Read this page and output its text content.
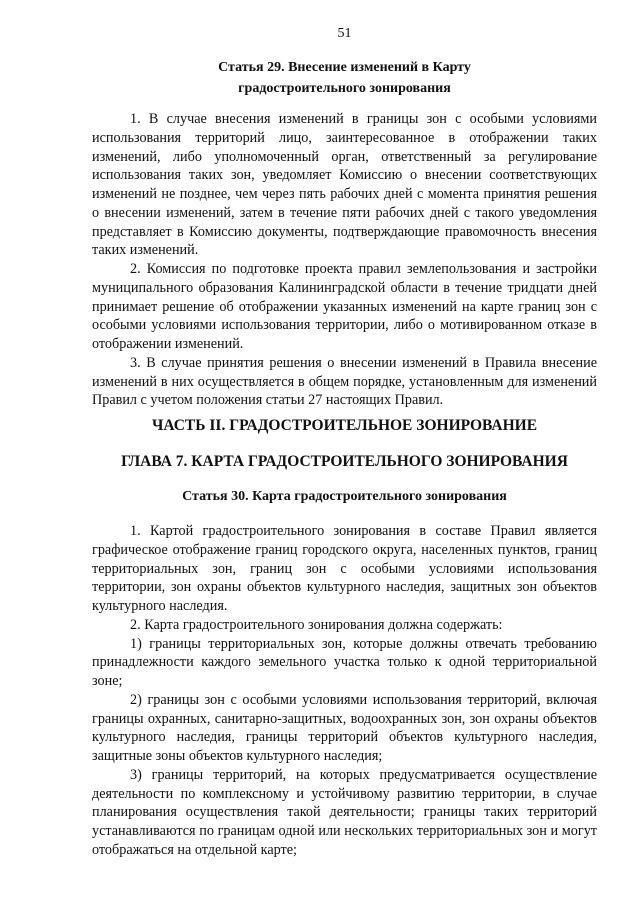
51
Статья 29. Внесение изменений в Карту
градостроительного зонирования

1. В случае внесения изменений в границы зон с особыми условиями использования территорий лицо, заинтересованное в отображении таких изменений, либо уполномоченный орган, ответственный за регулирование использования таких зон, уведомляет Комиссию о внесении соответствующих изменений не позднее, чем через пять рабочих дней с момента принятия решения о внесении изменений, затем в течение пяти рабочих дней с такого уведомления представляет в Комиссию документы, подтверждающие правомочность внесения таких изменений.

2. Комиссия по подготовке проекта правил землепользования и застройки муниципального образования Калининградской области в течение тридцати дней принимает решение об отображении указанных изменений на карте границ зон с особыми условиями использования территории, либо о мотивированном отказе в отображении изменений.

3. В случае принятия решения о внесении изменений в Правила внесение изменений в них осуществляется в общем порядке, установленным для изменений Правил с учетом положения статьи 27 настоящих Правил.

ЧАСТЬ II. ГРАДОСТРОИТЕЛЬНОЕ ЗОНИРОВАНИЕ
ГЛАВА 7. КАРТА ГРАДОСТРОИТЕЛЬНОГО ЗОНИРОВАНИЯ
Статья 30. Карта градостроительного зонирования

1. Картой градостроительного зонирования в составе Правил является графическое отображение границ городского округа, населенных пунктов, границ территориальных зон, границ зон с особыми условиями использования территории, зон охраны объектов культурного наследия, защитных зон объектов культурного наследия.

2. Карта градостроительного зонирования должна содержать:

1) границы территориальных зон, которые должны отвечать требованию принадлежности каждого земельного участка только к одной территориальной зоне;

2) границы зон с особыми условиями использования территорий, включая границы охранных, санитарно-защитных, водоохранных зон, зон охраны объектов культурного наследия, границы территорий объектов культурного наследия, защитные зоны объектов культурного наследия;

3) границы территорий, на которых предусматривается осуществление деятельности по комплексному и устойчивому развитию территории, в случае планирования осуществления такой деятельности; границы таких территорий устанавливаются по границам одной или нескольких территориальных зон и могут отображаться на отдельной карте;
